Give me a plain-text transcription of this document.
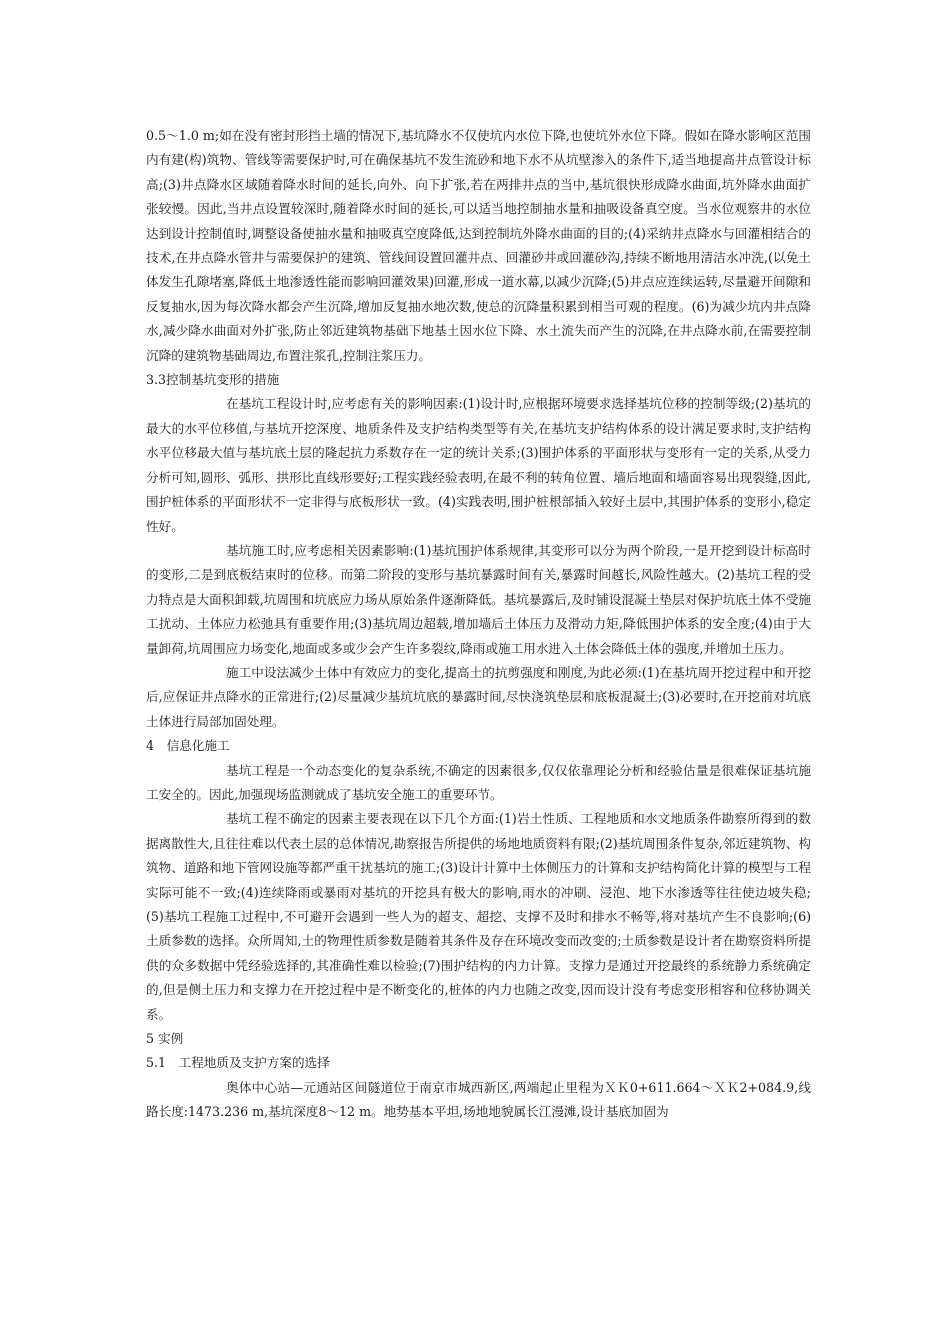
0.5～1.0 m;如在没有密封形挡土墙的情况下,基坑降水不仅使坑内水位下降,也使坑外水位下降。假如在降水影响区范围内有建(构)筑物、管线等需要保护时,可在确保基坑不发生流砂和地下水不从坑壁渗入的条件下,适当地提高井点管设计标高;(3)井点降水区域随着降水时间的延长,向外、向下扩张,若在两排井点的当中,基坑很快形成降水曲面,坑外降水曲面扩张较慢。因此,当井点设置较深时,随着降水时间的延长,可以适当地控制抽水量和抽吸设备真空度。当水位观察井的水位达到设计控制值时,调整设备使抽水量和抽吸真空度降低,达到控制坑外降水曲面的目的;(4)采纳井点降水与回灌相结合的技术,在井点降水管井与需要保护的建筑、管线间设置回灌井点、回灌砂井或回灌砂沟,持续不断地用清洁水冲洗,(以免土体发生孔隙堵塞,降低土地渗透性能而影响回灌效果)回灌,形成一道水幕,以减少沉降;(5)井点应连续运转,尽量避开间隙和反复抽水,因为每次降水都会产生沉降,增加反复抽水地次数,使总的沉降量积累到相当可观的程度。(6)为减少坑内井点降水,减少降水曲面对外扩张,防止邻近建筑物基础下地基土因水位下降、水土流失而产生的沉降,在井点降水前,在需要控制沉降的建筑物基础周边,布置注浆孔,控制注浆压力。

3.3控制基坑变形的措施

在基坑工程设计时,应考虑有关的影响因素:(1)设计时,应根据环境要求选择基坑位移的控制等级;(2)基坑的最大的水平位移值,与基坑开挖深度、地质条件及支护结构类型等有关,在基坑支护结构体系的设计满足要求时,支护结构水平位移最大值与基坑底土层的隆起抗力系数存在一定的统计关系;(3)围护体系的平面形状与变形有一定的关系,从受力分析可知,圆形、弧形、拱形比直线形要好;工程实践经验表明,在最不利的转角位置、墙后地面和墙面容易出现裂缝,因此,围护桩体系的平面形状不一定非得与底板形状一致。(4)实践表明,围护桩根部插入较好土层中,其围护体系的变形小,稳定性好。

基坑施工时,应考虑相关因素影响:(1)基坑围护体系规律,其变形可以分为两个阶段,一是开挖到设计标高时的变形,二是到底板结束时的位移。而第二阶段的变形与基坑暴露时间有关,暴露时间越长,风险性越大。(2)基坑工程的受力特点是大面积卸载,坑周围和坑底应力场从原始条件逐渐降低。基坑暴露后,及时铺设混凝土垫层对保护坑底土体不受施工扰动、土体应力松弛具有重要作用;(3)基坑周边超载,增加墙后土体压力及滑动力矩,降低围护体系的安全度;(4)由于大量卸荷,坑周围应力场变化,地面或多或少会产生许多裂纹,降雨或施工用水进入土体会降低土体的强度,并增加土压力。

施工中设法减少土体中有效应力的变化,提高土的抗剪强度和刚度,为此必须:(1)在基坑周开挖过程中和开挖后,应保证井点降水的正常进行;(2)尽量减少基坑坑底的暴露时间,尽快浇筑垫层和底板混凝土;(3)必要时,在开挖前对坑底土体进行局部加固处理。

4　信息化施工

基坑工程是一个动态变化的复杂系统,不确定的因素很多,仅仅依靠理论分析和经验估量是很难保证基坑施工安全的。因此,加强现场监测就成了基坑安全施工的重要环节。

基坑工程不确定的因素主要表现在以下几个方面:(1)岩土性质、工程地质和水文地质条件勘察所得到的数据离散性大,且往往难以代表土层的总体情况,勘察报告所提供的场地地质资料有限;(2)基坑周围条件复杂,邻近建筑物、构筑物、道路和地下管网设施等都严重干扰基坑的施工;(3)设计计算中土体侧压力的计算和支护结构简化计算的模型与工程实际可能不一致;(4)连续降雨或暴雨对基坑的开挖具有极大的影响,雨水的冲刷、浸泡、地下水渗透等往往使边坡失稳;(5)基坑工程施工过程中,不可避开会遇到一些人为的超支、超挖、支撑不及时和排水不畅等,将对基坑产生不良影响;(6)土质参数的选择。众所周知,土的物理性质参数是随着其条件及存在环境改变而改变的;土质参数是设计者在勘察资料所提供的众多数据中凭经验选择的,其准确性难以检验;(7)围护结构的内力计算。支撑力是通过开挖最终的系统静力系统确定的,但是侧土压力和支撑力在开挖过程中是不断变化的,桩体的内力也随之改变,因而设计没有考虑变形相容和位移协调关系。

5 实例

5.1　工程地质及支护方案的选择

奥体中心站—元通站区间隧道位于南京市城西新区,两端起止里程为ＸＫ0+611.664～ＸＫ2+084.9,线路长度:1473.236 m,基坑深度8～12 m。地势基本平坦,场地地貌属长江漫滩,设计基底加固为
